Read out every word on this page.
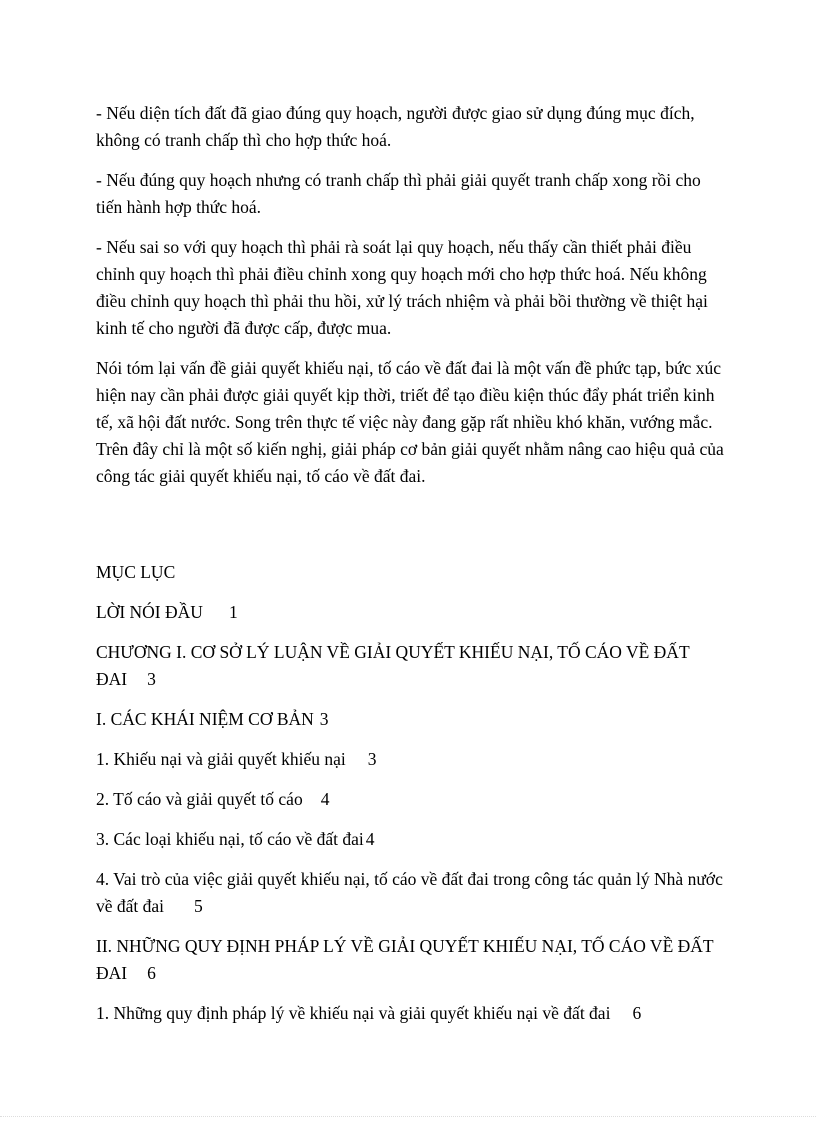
- Nếu diện tích đất đã giao đúng quy hoạch, người được giao sử dụng đúng mục đích, không có tranh chấp thì cho hợp thức hoá.

- Nếu đúng quy hoạch nhưng có tranh chấp thì phải giải quyết tranh chấp xong rồi cho tiến hành hợp thức hoá.

- Nếu sai so với quy hoạch thì phải rà soát lại quy hoạch, nếu thấy cần thiết phải điều chỉnh quy hoạch thì phải điều chỉnh xong quy hoạch mới cho hợp thức hoá. Nếu không điều chỉnh quy hoạch thì phải thu hồi, xử lý trách nhiệm và phải bồi thường về thiệt hại kinh tế cho người đã được cấp, được mua.

Nói tóm lại vấn đề giải quyết khiếu nại, tố cáo về đất đai là một vấn đề phức tạp, bức xúc hiện nay cần phải được giải quyết kịp thời, triết để tạo điều kiện thúc đẩy phát triển kinh tế, xã hội đất nước. Song trên thực tế việc này đang gặp rất nhiều khó khăn, vướng mắc. Trên đây chỉ là một số kiến nghị, giải pháp cơ bản giải quyết nhằm nâng cao hiệu quả của công tác giải quyết khiếu nại, tố cáo về đất đai.

MỤC LỤC

LỜI NÓI ĐẦU 1

CHƯƠNG I. CƠ SỞ LÝ LUẬN VỀ GIẢI QUYẾT KHIẾU NẠI, TỐ CÁO VỀ ĐẤT ĐAI 3

I. CÁC KHÁI NIỆM CƠ BẢN 3

1. Khiếu nại và giải quyết khiếu nại 3

2. Tố cáo và giải quyết tố cáo 4

3. Các loại khiếu nại, tố cáo về đất đai 4

4. Vai trò của việc giải quyết khiếu nại, tố cáo về đất đai trong công tác quản lý Nhà nước về đất đai 5

II. NHỮNG QUY ĐỊNH PHÁP LÝ VỀ GIẢI QUYẾT KHIẾU NẠI, TỐ CÁO VỀ ĐẤT ĐAI 6

1. Những quy định pháp lý về khiếu nại và giải quyết khiếu nại về đất đai 6
